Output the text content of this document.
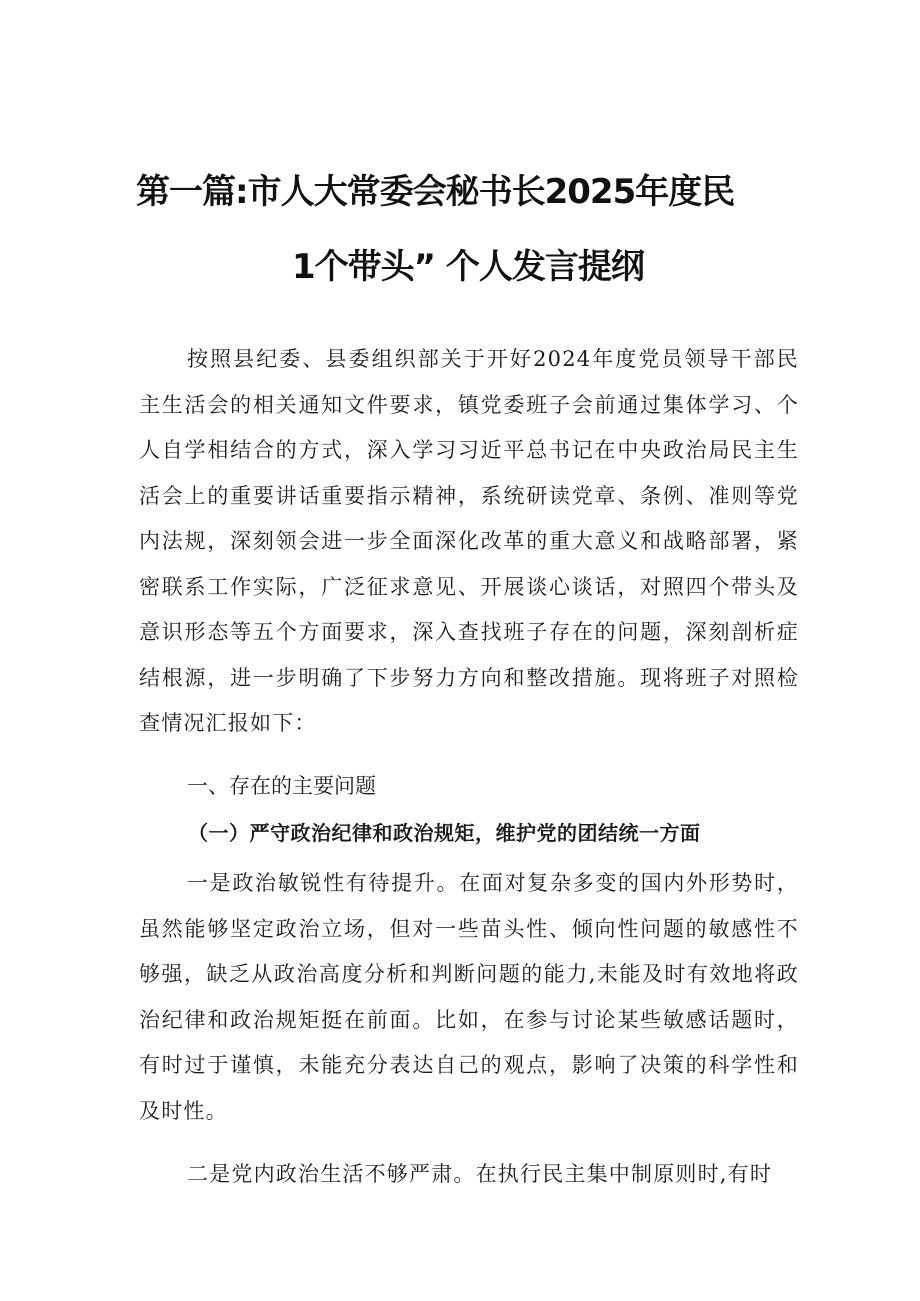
第一篇:市人大常委会秘书长2025年度民
1个带头” 个人发言提纲

按照县纪委、县委组织部关于开好2024年度党员领导干部民主生活会的相关通知文件要求，镇党委班子会前通过集体学习、个人自学相结合的方式，深入学习习近平总书记在中央政治局民主生活会上的重要讲话重要指示精神，系统研读党章、条例、准则等党内法规，深刻领会进一步全面深化改革的重大意义和战略部署，紧密联系工作实际，广泛征求意见、开展谈心谈话，对照四个带头及意识形态等五个方面要求，深入查找班子存在的问题，深刻剖析症结根源，进一步明确了下步努力方向和整改措施。现将班子对照检查情况汇报如下：

一、存在的主要问题

（一）严守政治纪律和政治规矩，维护党的团结统一方面

一是政治敏锐性有待提升。在面对复杂多变的国内外形势时，虽然能够坚定政治立场，但对一些苗头性、倾向性问题的敏感性不够强，缺乏从政治高度分析和判断问题的能力,未能及时有效地将政治纪律和政治规矩挺在前面。比如，在参与讨论某些敏感话题时，有时过于谨慎，未能充分表达自己的观点，影响了决策的科学性和及时性。

二是党内政治生活不够严肃。在执行民主集中制原则时,有时
